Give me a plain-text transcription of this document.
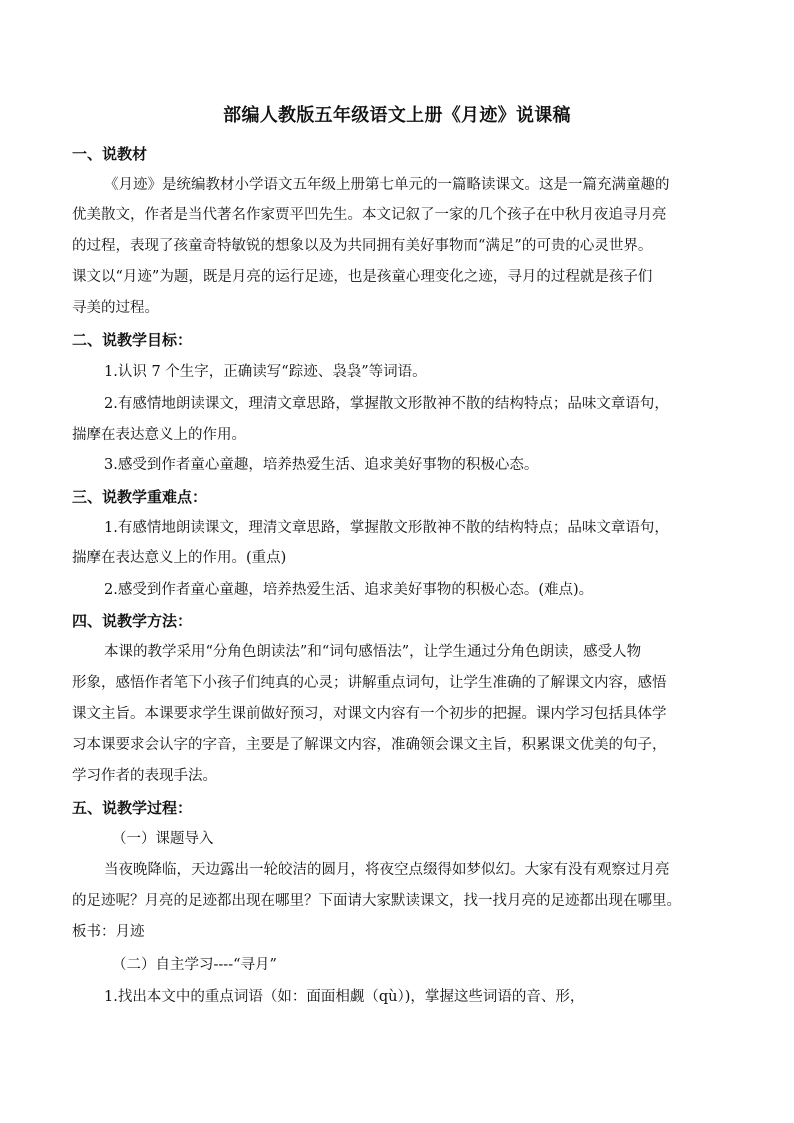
部编人教版五年级语文上册《月迹》说课稿
一、说教材
《月迹》是统编教材小学语文五年级上册第七单元的一篇略读课文。这是一篇充满童趣的
优美散文，作者是当代著名作家贾平凹先生。本文记叙了一家的几个孩子在中秋月夜追寻月亮
的过程，表现了孩童奇特敏锐的想象以及为共同拥有美好事物而“满足”的可贵的心灵世界。
课文以“月迹”为题，既是月亮的运行足迹，也是孩童心理变化之迹，寻月的过程就是孩子们
寻美的过程。
二、说教学目标：
1.认识 7 个生字，正确读写“踪迹、袅袅”等词语。
2.有感情地朗读课文，理清文章思路，掌握散文形散神不散的结构特点；品味文章语句，
揣摩在表达意义上的作用。
3.感受到作者童心童趣，培养热爱生活、追求美好事物的积极心态。
三、说教学重难点：
1.有感情地朗读课文，理清文章思路，掌握散文形散神不散的结构特点；品味文章语句，
揣摩在表达意义上的作用。(重点)
2.感受到作者童心童趣，培养热爱生活、追求美好事物的积极心态。(难点)。
四、说教学方法：
本课的教学采用“分角色朗读法”和“词句感悟法”，让学生通过分角色朗读，感受人物
形象，感悟作者笔下小孩子们纯真的心灵；讲解重点词句，让学生准确的了解课文内容，感悟
课文主旨。本课要求学生课前做好预习，对课文内容有一个初步的把握。课内学习包括具体学
习本课要求会认字的字音，主要是了解课文内容，准确领会课文主旨，积累课文优美的句子，
学习作者的表现手法。
五、说教学过程：
（一）课题导入
当夜晚降临，天边露出一轮皎洁的圆月，将夜空点缀得如梦似幻。大家有没有观察过月亮
的足迹呢？月亮的足迹都出现在哪里？下面请大家默读课文，找一找月亮的足迹都出现在哪里。
板书：月迹
（二）自主学习----“寻月”
1.找出本文中的重点词语（如：面面相觑（qù）)，掌握这些词语的音、形，
